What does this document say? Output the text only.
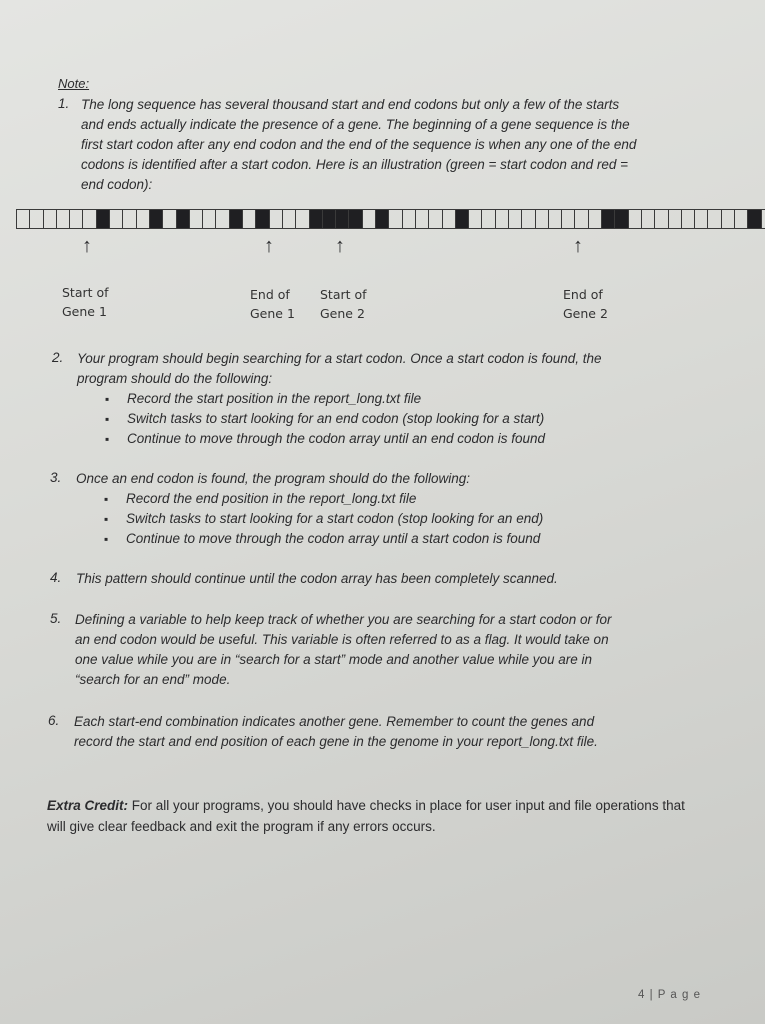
Note:
1. The long sequence has several thousand start and end codons but only a few of the starts
and ends actually indicate the presence of a gene. The beginning of a gene sequence is the
first start codon after any end codon and the end of the sequence is when any one of the end
codons is identified after a start codon. Here is an illustration (green = start codon and red =
end codon):
↑	↑	↑	↑
Start of
Gene 1
End of
Gene 1
Start of
Gene 2
End of
Gene 2
2. Your program should begin searching for a start codon. Once a start codon is found, the
program should do the following:
▪ Record the start position in the report_long.txt file
▪ Switch tasks to start looking for an end codon (stop looking for a start)
▪ Continue to move through the codon array until an end codon is found
3. Once an end codon is found, the program should do the following:
▪ Record the end position in the report_long.txt file
▪ Switch tasks to start looking for a start codon (stop looking for an end)
▪ Continue to move through the codon array until a start codon is found
4. This pattern should continue until the codon array has been completely scanned.
5. Defining a variable to help keep track of whether you are searching for a start codon or for
an end codon would be useful. This variable is often referred to as a flag. It would take on
one value while you are in “search for a start” mode and another value while you are in
“search for an end” mode.
6. Each start-end combination indicates another gene. Remember to count the genes and
record the start and end position of each gene in the genome in your report_long.txt file.
Extra Credit: For all your programs, you should have checks in place for user input and file operations that will give clear feedback and exit the program if any errors occurs.
4 | P a g e
